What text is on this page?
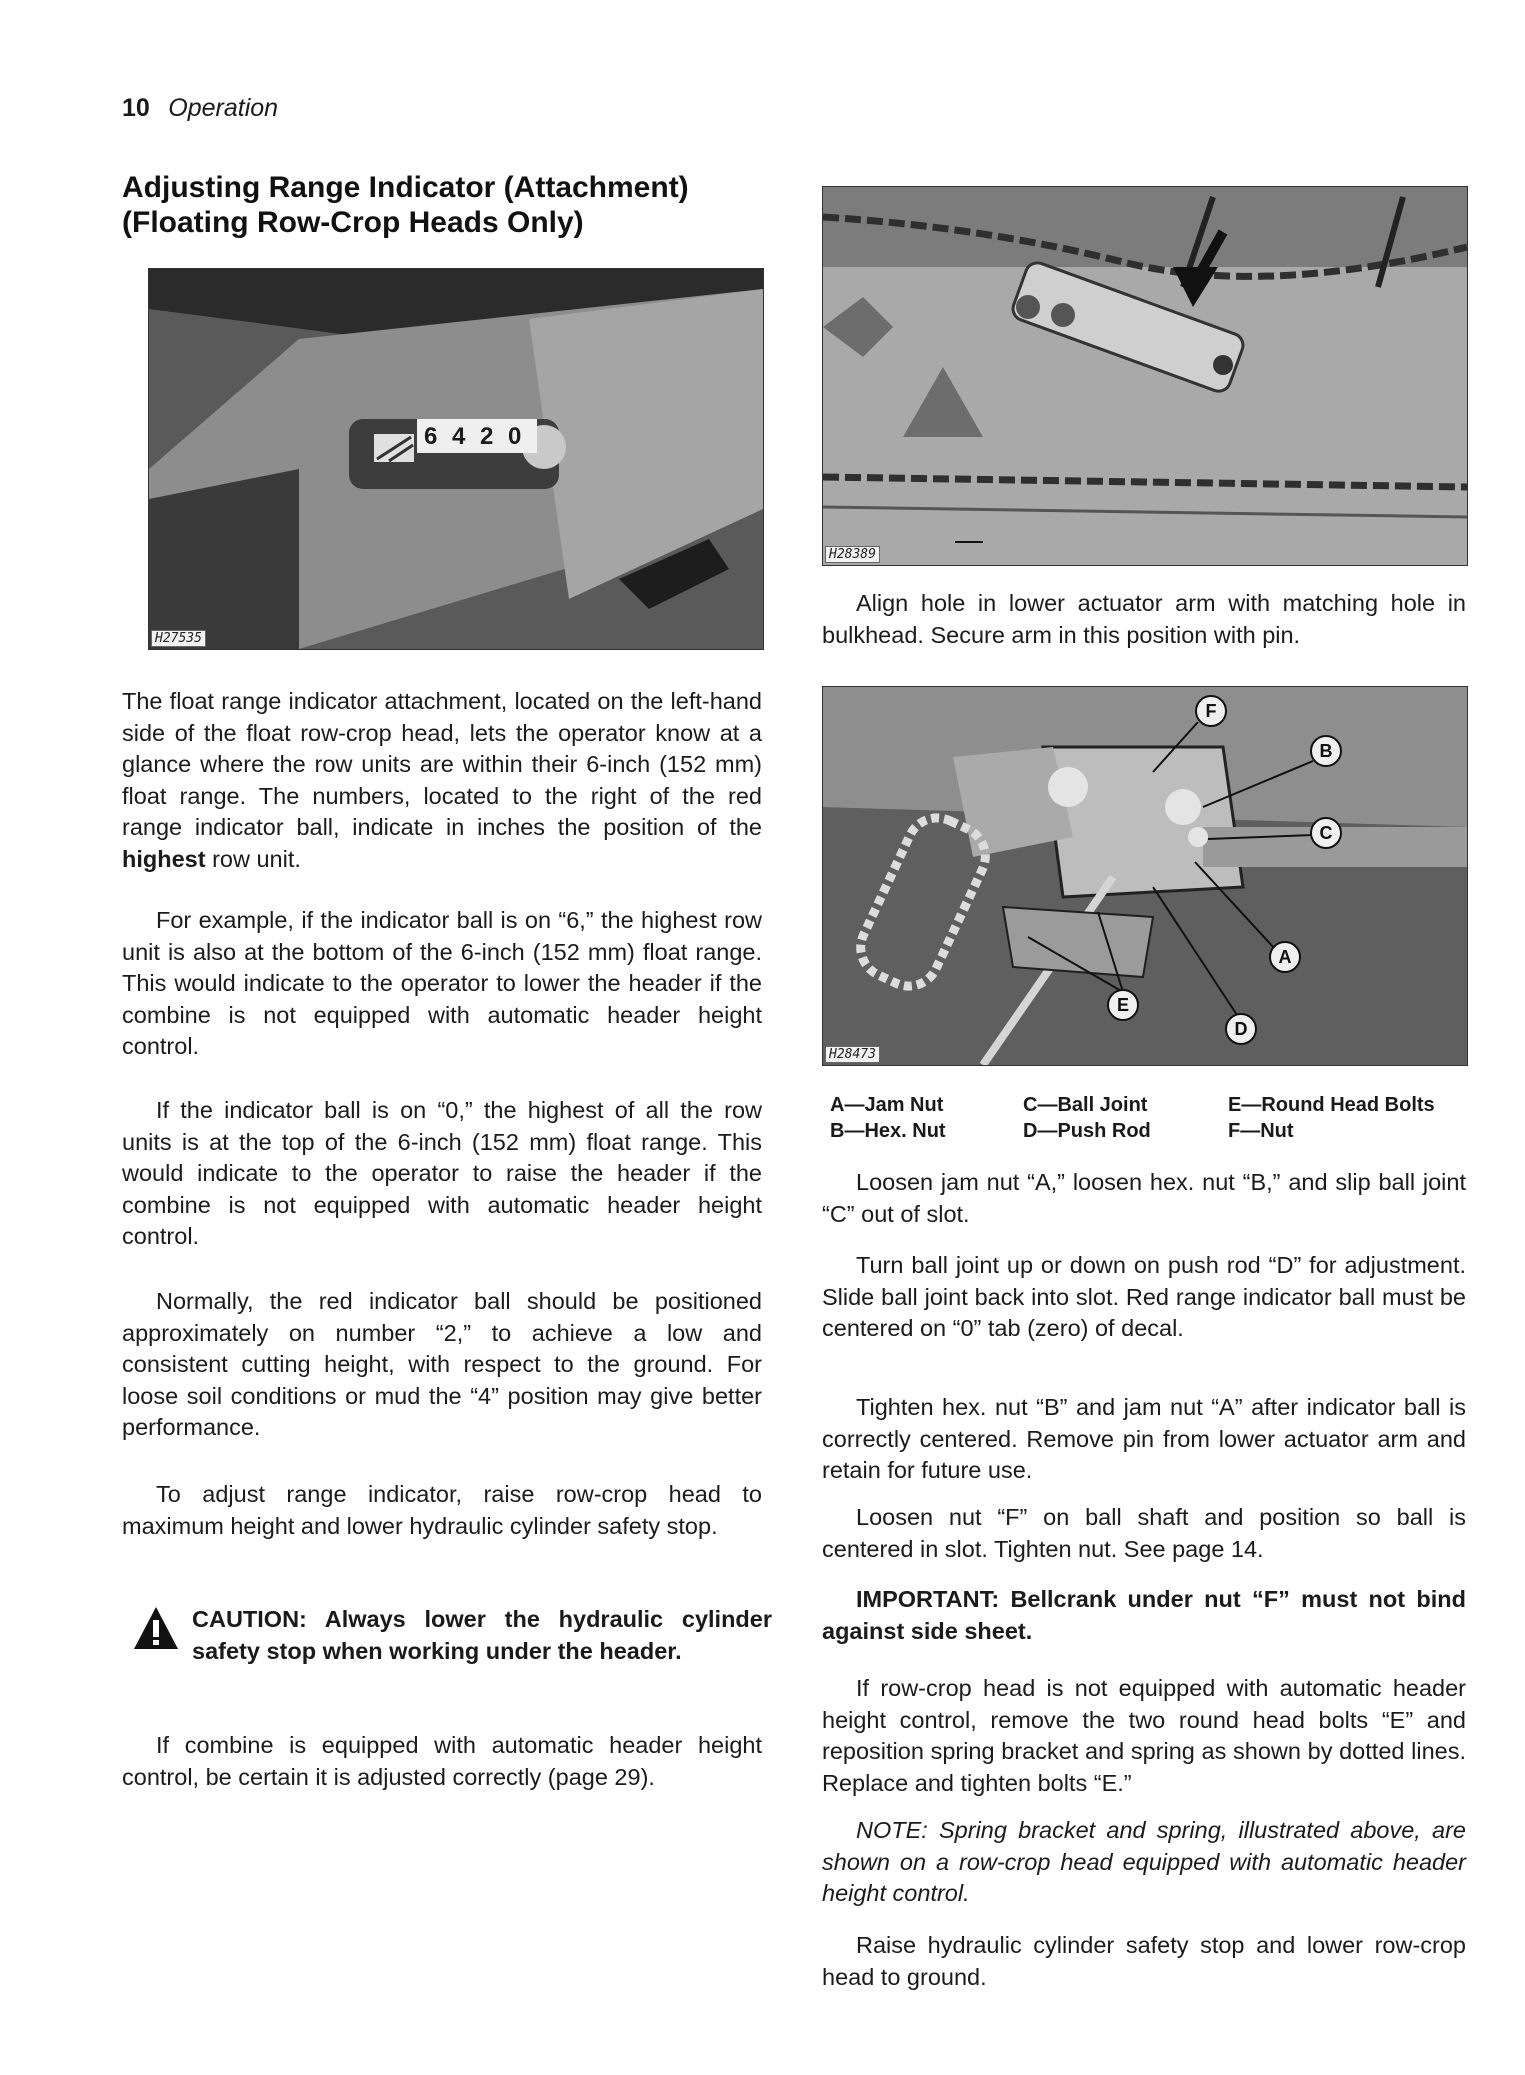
10 Operation
Adjusting Range Indicator (Attachment)
(Floating Row-Crop Heads Only)
6 4 2 0
H27535
The float range indicator attachment, located on the left-hand side of the float row-crop head, lets the operator know at a glance where the row units are within their 6-inch (152 mm) float range. The numbers, located to the right of the red range indicator ball, indicate in inches the position of the highest row unit.
For example, if the indicator ball is on “6,” the highest row unit is also at the bottom of the 6-inch (152 mm) float range. This would indicate to the operator to lower the header if the combine is not equipped with automatic header height control.
If the indicator ball is on “0,” the highest of all the row units is at the top of the 6-inch (152 mm) float range. This would indicate to the operator to raise the header if the combine is not equipped with automatic header height control.
Normally, the red indicator ball should be positioned approximately on number “2,” to achieve a low and consistent cutting height, with respect to the ground. For loose soil conditions or mud the “4” position may give better performance.
To adjust range indicator, raise row-crop head to maximum height and lower hydraulic cylinder safety stop.
CAUTION: Always lower the hydraulic cylinder safety stop when working under the header.
If combine is equipped with automatic header height control, be certain it is adjusted correctly (page 29).
H28389
Align hole in lower actuator arm with matching hole in bulkhead. Secure arm in this position with pin.
F
B
C
A
E
D
H28473
A—Jam Nut
B—Hex. Nut
C—Ball Joint
D—Push Rod
E—Round Head Bolts
F—Nut
Loosen jam nut “A,” loosen hex. nut “B,” and slip ball joint “C” out of slot.
Turn ball joint up or down on push rod “D” for adjustment. Slide ball joint back into slot. Red range indicator ball must be centered on “0” tab (zero) of decal.
Tighten hex. nut “B” and jam nut “A” after indicator ball is correctly centered. Remove pin from lower actuator arm and retain for future use.
Loosen nut “F” on ball shaft and position so ball is centered in slot. Tighten nut. See page 14.
IMPORTANT: Bellcrank under nut “F” must not bind against side sheet.
If row-crop head is not equipped with automatic header height control, remove the two round head bolts “E” and reposition spring bracket and spring as shown by dotted lines. Replace and tighten bolts “E.”
NOTE: Spring bracket and spring, illustrated above, are shown on a row-crop head equipped with automatic header height control.
Raise hydraulic cylinder safety stop and lower row-crop head to ground.
